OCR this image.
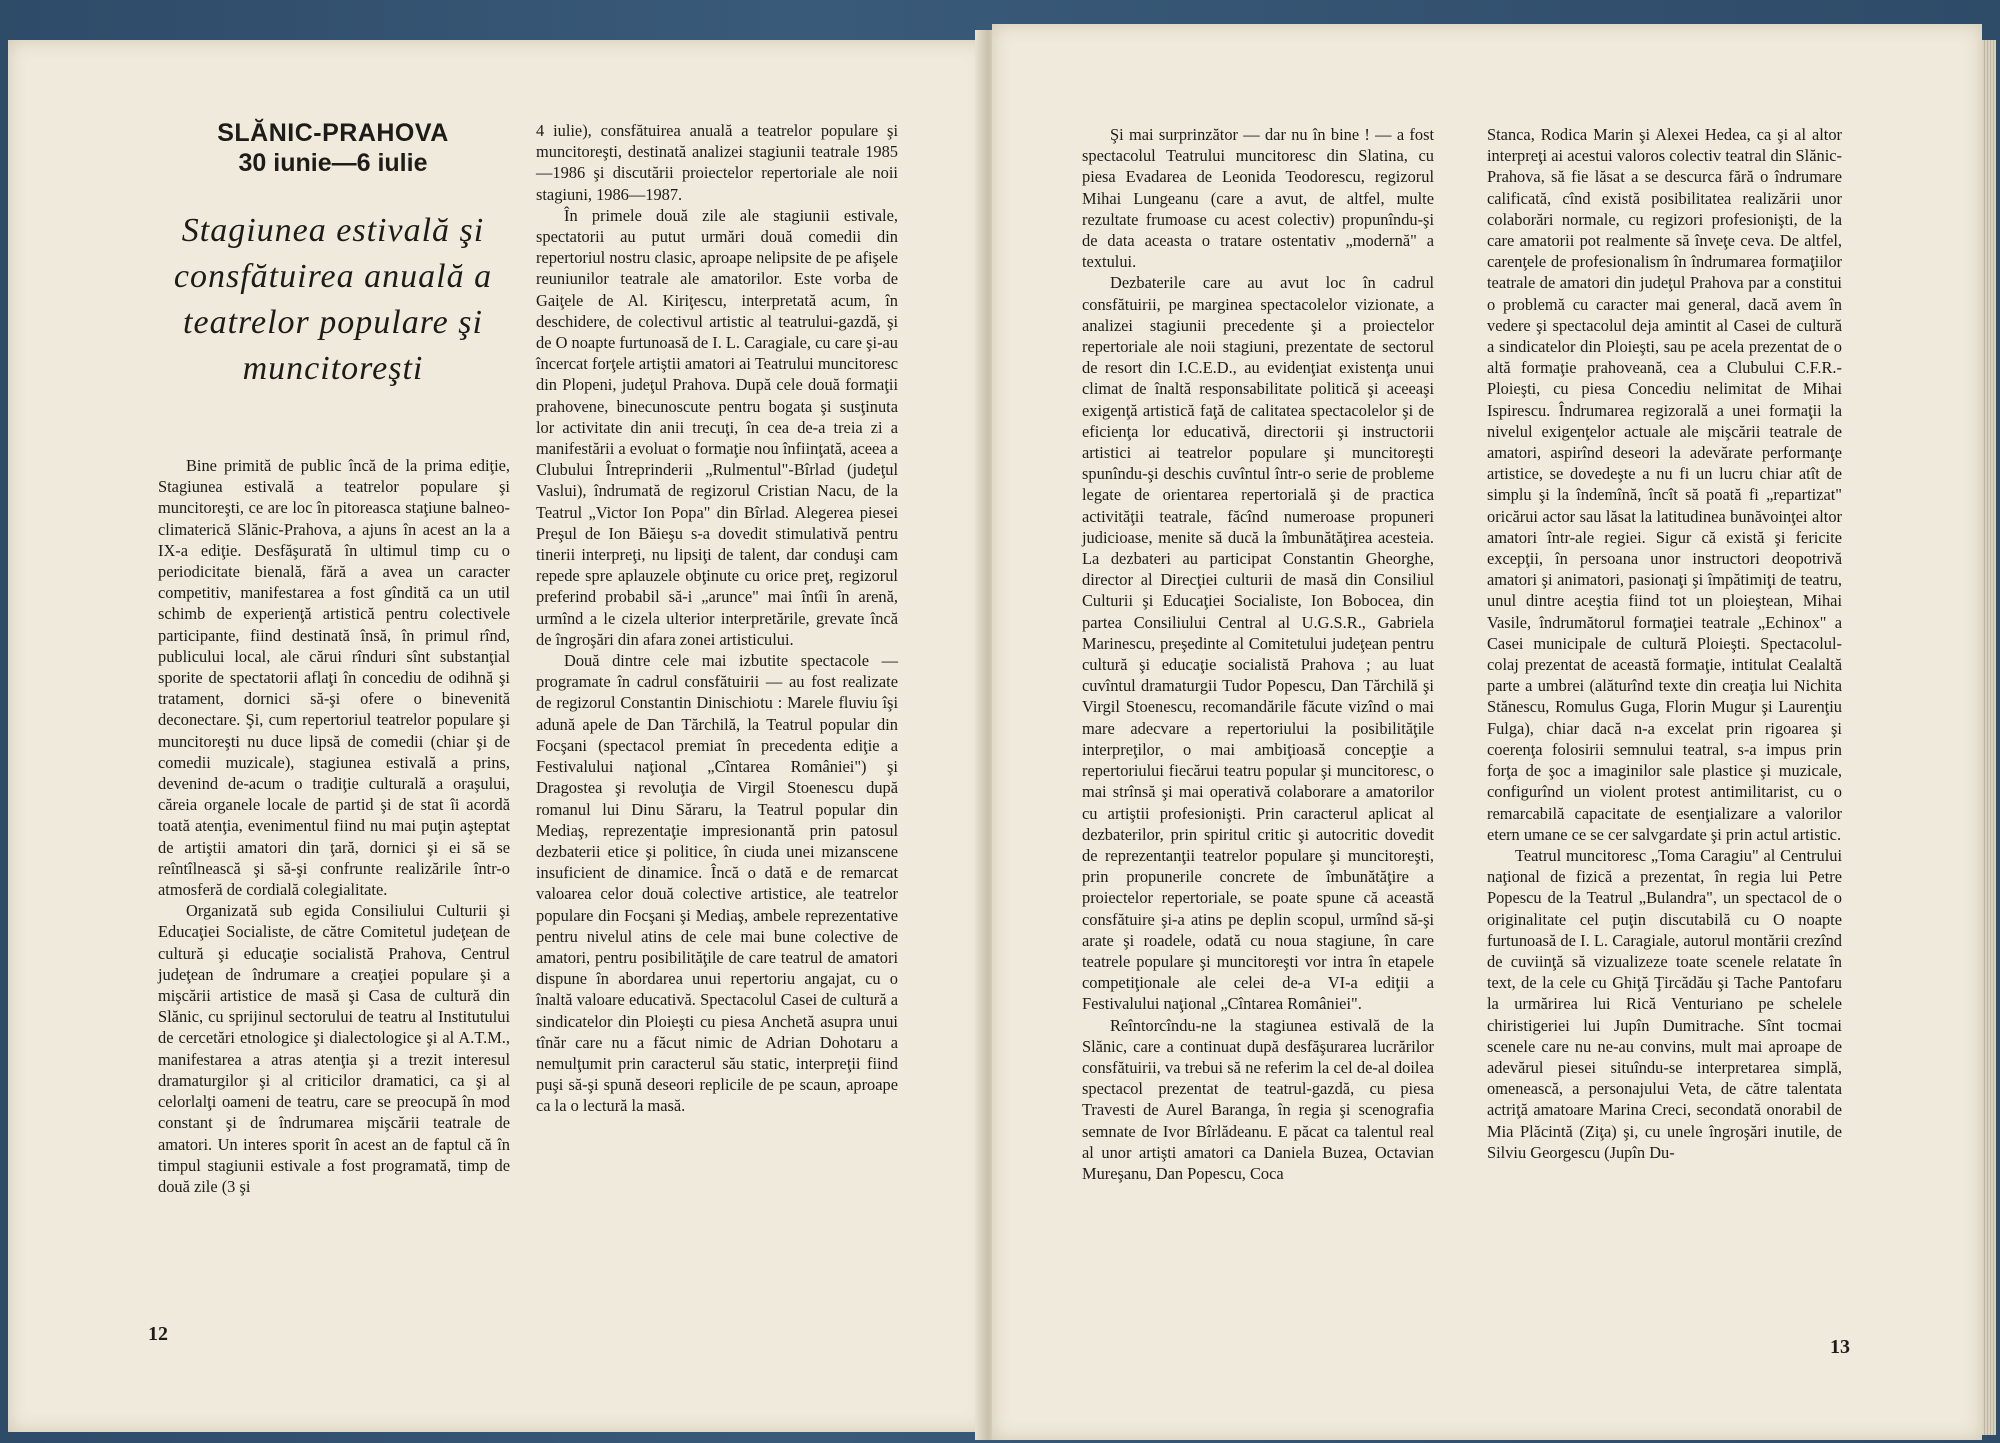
SLĂNIC-PRAHOVA
30 iunie—6 iulie
Stagiunea estivală şi consfătuirea anuală a teatrelor populare şi muncitoreşti

Bine primită de public încă de la prima ediţie, Stagiunea estivală a teatrelor populare şi muncitoreşti, ce are loc în pitoreasca staţiune balneo-climaterică Slănic-Prahova, a ajuns în acest an la a IX-a ediţie. Desfăşurată în ultimul timp cu o periodicitate bienală, fără a avea un caracter competitiv, manifestarea a fost gîndită ca un util schimb de experienţă artistică pentru colectivele participante, fiind destinată însă, în primul rînd, publicului local, ale cărui rînduri sînt substanţial sporite de spectatorii aflaţi în concediu de odihnă şi tratament, dornici să-şi ofere o binevenită deconectare. Şi, cum repertoriul teatrelor populare şi muncitoreşti nu duce lipsă de comedii (chiar şi de comedii muzicale), stagiunea estivală a prins, devenind de-acum o tradiţie culturală a oraşului, căreia organele locale de partid şi de stat îi acordă toată atenţia, evenimentul fiind nu mai puţin aşteptat de artiştii amatori din ţară, dornici şi ei să se reîntîlnească şi să-şi confrunte realizările într-o atmosferă de cordială colegialitate.

Organizată sub egida Consiliului Culturii şi Educaţiei Socialiste, de către Comitetul judeţean de cultură şi educaţie socialistă Prahova, Centrul judeţean de îndrumare a creaţiei populare şi a mişcării artistice de masă şi Casa de cultură din Slănic, cu sprijinul sectorului de teatru al Institutului de cercetări etnologice şi dialectologice şi al A.T.M., manifestarea a atras atenţia şi a trezit interesul dramaturgilor şi al criticilor dramatici, ca şi al celorlalţi oameni de teatru, care se preocupă în mod constant şi de îndrumarea mişcării teatrale de amatori. Un interes sporit în acest an de faptul că în timpul stagiunii estivale a fost programată, timp de două zile (3 şi

4 iulie), consfătuirea anuală a teatrelor populare şi muncitoreşti, destinată analizei stagiunii teatrale 1985—1986 şi discutării proiectelor repertoriale ale noii stagiuni, 1986—1987.

În primele două zile ale stagiunii estivale, spectatorii au putut urmări două comedii din repertoriul nostru clasic, aproape nelipsite de pe afişele reuniunilor teatrale ale amatorilor. Este vorba de Gaiţele de Al. Kiriţescu, interpretată acum, în deschidere, de colectivul artistic al teatrului-gazdă, şi de O noapte furtunoasă de I. L. Caragiale, cu care şi-au încercat forţele artiştii amatori ai Teatrului muncitoresc din Plopeni, judeţul Prahova. După cele două formaţii prahovene, binecunoscute pentru bogata şi susţinuta lor activitate din anii trecuţi, în cea de-a treia zi a manifestării a evoluat o formaţie nou înfiinţată, aceea a Clubului Întreprinderii „Rulmentul"-Bîrlad (judeţul Vaslui), îndrumată de regizorul Cristian Nacu, de la Teatrul „Victor Ion Popa" din Bîrlad. Alegerea piesei Preşul de Ion Băieşu s-a dovedit stimulativă pentru tinerii interpreţi, nu lipsiţi de talent, dar conduşi cam repede spre aplauzele obţinute cu orice preţ, regizorul preferind probabil să-i „arunce" mai întîi în arenă, urmînd a le cizela ulterior interpretările, grevate încă de îngroşări din afara zonei artisticului.

Două dintre cele mai izbutite spectacole — programate în cadrul consfătuirii — au fost realizate de regizorul Constantin Dinischiotu : Marele fluviu îşi adună apele de Dan Tărchilă, la Teatrul popular din Focşani (spectacol premiat în precedenta ediţie a Festivalului naţional „Cîntarea României") şi Dragostea şi revoluţia de Virgil Stoenescu după romanul lui Dinu Săraru, la Teatrul popular din Mediaş, reprezentaţie impresionantă prin patosul dezbaterii etice şi politice, în ciuda unei mizanscene insuficient de dinamice. Încă o dată e de remarcat valoarea celor două colective artistice, ale teatrelor populare din Focşani şi Mediaş, ambele reprezentative pentru nivelul atins de cele mai bune colective de amatori, pentru posibilităţile de care teatrul de amatori dispune în abordarea unui repertoriu angajat, cu o înaltă valoare educativă. Spectacolul Casei de cultură a sindicatelor din Ploieşti cu piesa Anchetă asupra unui tînăr care nu a făcut nimic de Adrian Dohotaru a nemulţumit prin caracterul său static, interpreţii fiind puşi să-şi spună deseori replicile de pe scaun, aproape ca la o lectură la masă.

12

Şi mai surprinzător — dar nu în bine ! — a fost spectacolul Teatrului muncitoresc din Slatina, cu piesa Evadarea de Leonida Teodorescu, regizorul Mihai Lungeanu (care a avut, de altfel, multe rezultate frumoase cu acest colectiv) propunîndu-şi de data aceasta o tratare ostentativ „modernă" a textului.

Dezbaterile care au avut loc în cadrul consfătuirii, pe marginea spectacolelor vizionate, a analizei stagiunii precedente şi a proiectelor repertoriale ale noii stagiuni, prezentate de sectorul de resort din I.C.E.D., au evidenţiat existenţa unui climat de înaltă responsabilitate politică şi aceeaşi exigenţă artistică faţă de calitatea spectacolelor şi de eficienţa lor educativă, directorii şi instructorii artistici ai teatrelor populare şi muncitoreşti spunîndu-şi deschis cuvîntul într-o serie de probleme legate de orientarea repertorială şi de practica activităţii teatrale, făcînd numeroase propuneri judicioase, menite să ducă la îmbunătăţirea acesteia. La dezbateri au participat Constantin Gheorghe, director al Direcţiei culturii de masă din Consiliul Culturii şi Educaţiei Socialiste, Ion Bobocea, din partea Consiliului Central al U.G.S.R., Gabriela Marinescu, preşedinte al Comitetului judeţean pentru cultură şi educaţie socialistă Prahova ; au luat cuvîntul dramaturgii Tudor Popescu, Dan Tărchilă şi Virgil Stoenescu, recomandările făcute vizînd o mai mare adecvare a repertoriului la posibilităţile interpreţilor, o mai ambiţioasă concepţie a repertoriului fiecărui teatru popular şi muncitoresc, o mai strînsă şi mai operativă colaborare a amatorilor cu artiştii profesionişti. Prin caracterul aplicat al dezbaterilor, prin spiritul critic şi autocritic dovedit de reprezentanţii teatrelor populare şi muncitoreşti, prin propunerile concrete de îmbunătăţire a proiectelor repertoriale, se poate spune că această consfătuire şi-a atins pe deplin scopul, urmînd să-şi arate şi roadele, odată cu noua stagiune, în care teatrele populare şi muncitoreşti vor intra în etapele competiţionale ale celei de-a VI-a ediţii a Festivalului naţional „Cîntarea României".

Reîntorcîndu-ne la stagiunea estivală de la Slănic, care a continuat după desfăşurarea lucrărilor consfătuirii, va trebui să ne referim la cel de-al doilea spectacol prezentat de teatrul-gazdă, cu piesa Travesti de Aurel Baranga, în regia şi scenografia semnate de Ivor Bîrlădeanu. E păcat ca talentul real al unor artişti amatori ca Daniela Buzea, Octavian Mureşanu, Dan Popescu, Coca

Stanca, Rodica Marin şi Alexei Hedea, ca şi al altor interpreţi ai acestui valoros colectiv teatral din Slănic-Prahova, să fie lăsat a se descurca fără o îndrumare calificată, cînd există posibilitatea realizării unor colaborări normale, cu regizori profesionişti, de la care amatorii pot realmente să înveţe ceva. De altfel, carenţele de profesionalism în îndrumarea formaţiilor teatrale de amatori din judeţul Prahova par a constitui o problemă cu caracter mai general, dacă avem în vedere şi spectacolul deja amintit al Casei de cultură a sindicatelor din Ploieşti, sau pe acela prezentat de o altă formaţie prahoveană, cea a Clubului C.F.R.-Ploieşti, cu piesa Concediu nelimitat de Mihai Ispirescu. Îndrumarea regizorală a unei formaţii la nivelul exigenţelor actuale ale mişcării teatrale de amatori, aspirînd deseori la adevărate performanţe artistice, se dovedeşte a nu fi un lucru chiar atît de simplu şi la îndemînă, încît să poată fi „repartizat" oricărui actor sau lăsat la latitudinea bunăvoinţei altor amatori într-ale regiei. Sigur că există şi fericite excepţii, în persoana unor instructori deopotrivă amatori şi animatori, pasionaţi şi împătimiţi de teatru, unul dintre aceştia fiind tot un ploieştean, Mihai Vasile, îndrumătorul formaţiei teatrale „Echinox" a Casei municipale de cultură Ploieşti. Spectacolul-colaj prezentat de această formaţie, intitulat Cealaltă parte a umbrei (alăturînd texte din creaţia lui Nichita Stănescu, Romulus Guga, Florin Mugur şi Laurenţiu Fulga), chiar dacă n-a excelat prin rigoarea şi coerenţa folosirii semnului teatral, s-a impus prin forţa de şoc a imaginilor sale plastice şi muzicale, configurînd un violent protest antimilitarist, cu o remarcabilă capacitate de esenţializare a valorilor etern umane ce se cer salvgardate şi prin actul artistic.

Teatrul muncitoresc „Toma Caragiu" al Centrului naţional de fizică a prezentat, în regia lui Petre Popescu de la Teatrul „Bulandra", un spectacol de o originalitate cel puţin discutabilă cu O noapte furtunoasă de I. L. Caragiale, autorul montării crezînd de cuviinţă să vizualizeze toate scenele relatate în text, de la cele cu Ghiţă Ţircădău şi Tache Pantofaru la urmărirea lui Rică Venturiano pe schelele chiristigeriei lui Jupîn Dumitrache. Sînt tocmai scenele care nu ne-au convins, mult mai aproape de adevărul piesei situîndu-se interpretarea simplă, omenească, a personajului Veta, de către talentata actriţă amatoare Marina Creci, secondată onorabil de Mia Plăcintă (Ziţa) şi, cu unele îngroşări inutile, de Silviu Georgescu (Jupîn Du-

13
